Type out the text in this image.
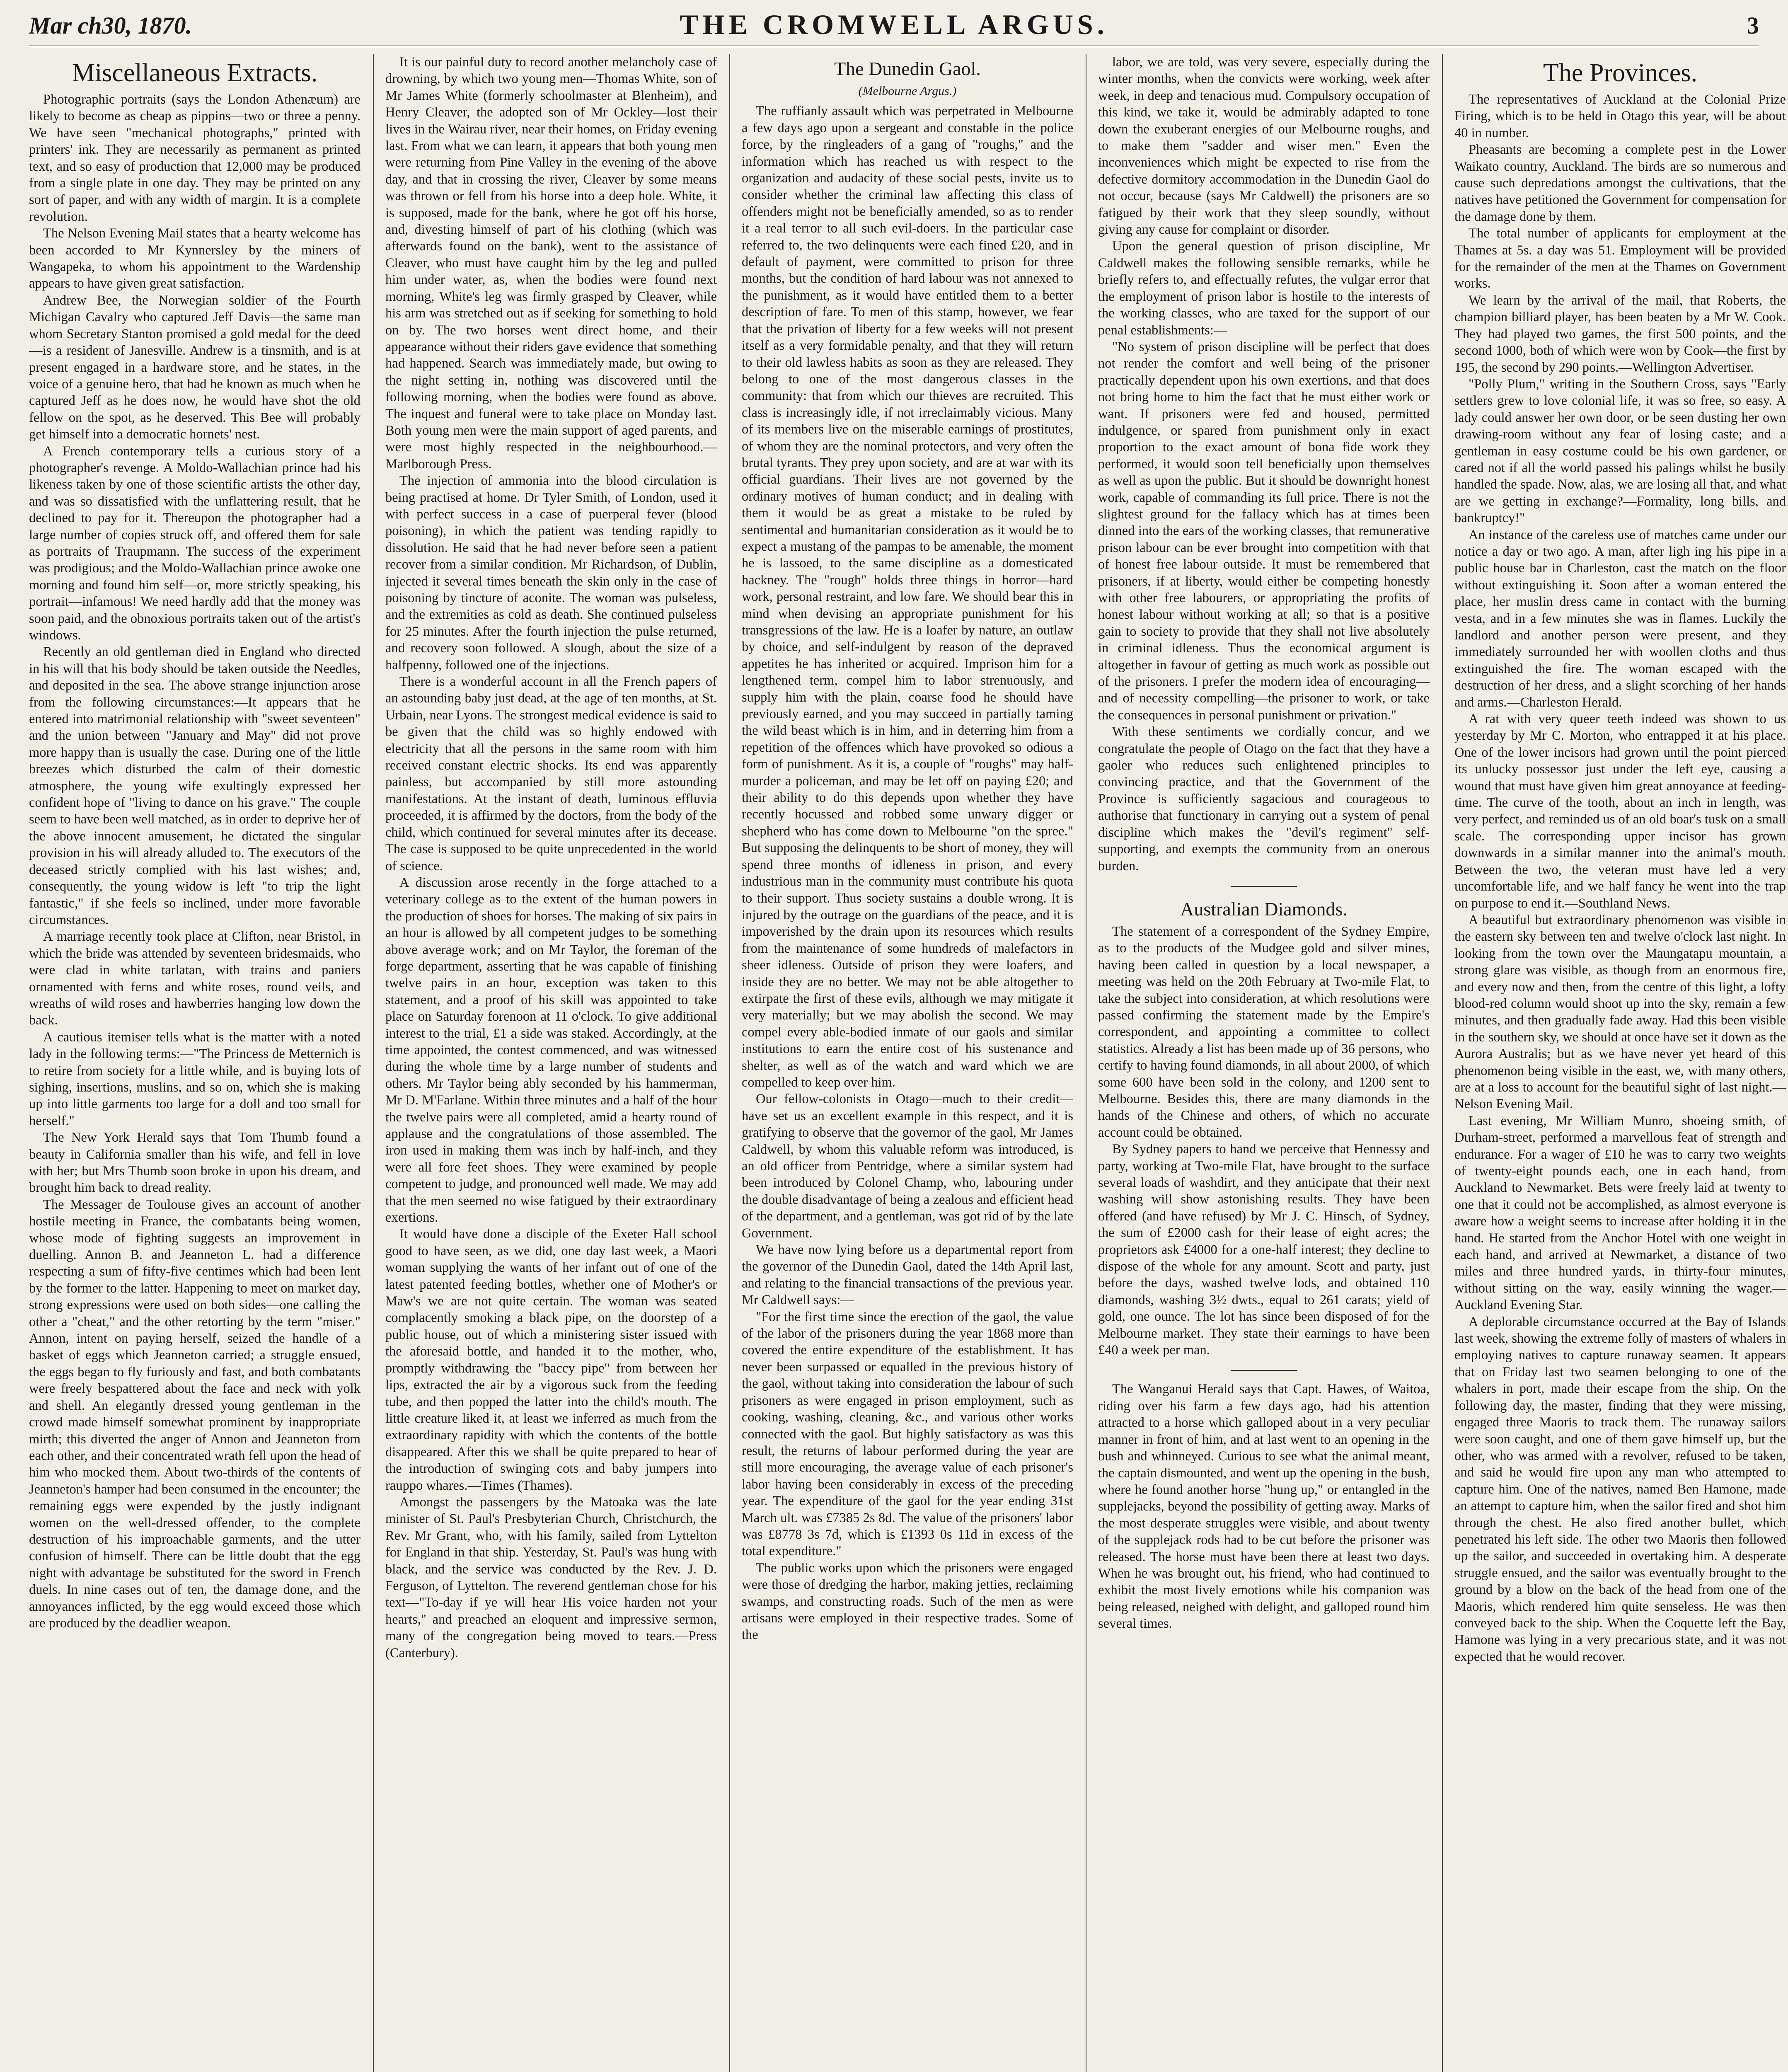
Mar ch30, 1870.	THE CROMWELL ARGUS.	3
Miscellaneous Extracts.

Photographic portraits (says the London Athenæum) are likely to become as cheap as pippins—two or three a penny. We have seen "mechanical photographs," printed with printers' ink. They are necessarily as permanent as printed text, and so easy of production that 12,000 may be produced from a single plate in one day. They may be printed on any sort of paper, and with any width of margin. It is a complete revolution.

The Nelson Evening Mail states that a hearty welcome has been accorded to Mr Kynnersley by the miners of Wangapeka, to whom his appointment to the Wardenship appears to have given great satisfaction.

Andrew Bee, the Norwegian soldier of the Fourth Michigan Cavalry who captured Jeff Davis—the same man whom Secretary Stanton promised a gold medal for the deed—is a resident of Janesville. Andrew is a tinsmith, and is at present engaged in a hardware store, and he states, in the voice of a genuine hero, that had he known as much when he captured Jeff as he does now, he would have shot the old fellow on the spot, as he deserved. This Bee will probably get himself into a democratic hornets' nest.

A French contemporary tells a curious story of a photographer's revenge. A Moldo-Wallachian prince had his likeness taken by one of those scientific artists the other day, and was so dissatisfied with the unflattering result, that he declined to pay for it. Thereupon the photographer had a large number of copies struck off, and offered them for sale as portraits of Traupmann. The success of the experiment was prodigious; and the Moldo-Wallachian prince awoke one morning and found him self—or, more strictly speaking, his portrait—infamous! We need hardly add that the money was soon paid, and the obnoxious portraits taken out of the artist's windows.

Recently an old gentleman died in England who directed in his will that his body should be taken outside the Needles, and deposited in the sea. The above strange injunction arose from the following circumstances:—It appears that he entered into matrimonial relationship with "sweet seventeen" and the union between "January and May" did not prove more happy than is usually the case. During one of the little breezes which disturbed the calm of their domestic atmosphere, the young wife exultingly expressed her confident hope of "living to dance on his grave." The couple seem to have been well matched, as in order to deprive her of the above innocent amusement, he dictated the singular provision in his will already alluded to. The executors of the deceased strictly complied with his last wishes; and, consequently, the young widow is left "to trip the light fantastic," if she feels so inclined, under more favorable circumstances.

A marriage recently took place at Clifton, near Bristol, in which the bride was attended by seventeen bridesmaids, who were clad in white tarlatan, with trains and paniers ornamented with ferns and white roses, round veils, and wreaths of wild roses and hawberries hanging low down the back.

A cautious itemiser tells what is the matter with a noted lady in the following terms:—"The Princess de Metternich is to retire from society for a little while, and is buying lots of sighing, insertions, muslins, and so on, which she is making up into little garments too large for a doll and too small for herself."

The New York Herald says that Tom Thumb found a beauty in California smaller than his wife, and fell in love with her; but Mrs Thumb soon broke in upon his dream, and brought him back to dread reality.

The Messager de Toulouse gives an account of another hostile meeting in France, the combatants being women, whose mode of fighting suggests an improvement in duelling. Annon B. and Jeanneton L. had a difference respecting a sum of fifty-five centimes which had been lent by the former to the latter. Happening to meet on market day, strong expressions were used on both sides—one calling the other a "cheat," and the other retorting by the term "miser." Annon, intent on paying herself, seized the handle of a basket of eggs which Jeanneton carried; a struggle ensued, the eggs began to fly furiously and fast, and both combatants were freely bespattered about the face and neck with yolk and shell. An elegantly dressed young gentleman in the crowd made himself somewhat prominent by inappropriate mirth; this diverted the anger of Annon and Jeanneton from each other, and their concentrated wrath fell upon the head of him who mocked them. About two-thirds of the contents of Jeanneton's hamper had been consumed in the encounter; the remaining eggs were expended by the justly indignant women on the well-dressed offender, to the complete destruction of his improachable garments, and the utter confusion of himself. There can be little doubt that the egg night with advantage be substituted for the sword in French duels. In nine cases out of ten, the damage done, and the annoyances inflicted, by the egg would exceed those which are produced by the deadlier weapon.

It is our painful duty to record another melancholy case of drowning, by which two young men—Thomas White, son of Mr James White (formerly schoolmaster at Blenheim), and Henry Cleaver, the adopted son of Mr Ockley—lost their lives in the Wairau river, near their homes, on Friday evening last. From what we can learn, it appears that both young men were returning from Pine Valley in the evening of the above day, and that in crossing the river, Cleaver by some means was thrown or fell from his horse into a deep hole. White, it is supposed, made for the bank, where he got off his horse, and, divesting himself of part of his clothing (which was afterwards found on the bank), went to the assistance of Cleaver, who must have caught him by the leg and pulled him under water, as, when the bodies were found next morning, White's leg was firmly grasped by Cleaver, while his arm was stretched out as if seeking for something to hold on by. The two horses went direct home, and their appearance without their riders gave evidence that something had happened. Search was immediately made, but owing to the night setting in, nothing was discovered until the following morning, when the bodies were found as above. The inquest and funeral were to take place on Monday last. Both young men were the main support of aged parents, and were most highly respected in the neighbourhood.—Marlborough Press.

The injection of ammonia into the blood circulation is being practised at home. Dr Tyler Smith, of London, used it with perfect success in a case of puerperal fever (blood poisoning), in which the patient was tending rapidly to dissolution. He said that he had never before seen a patient recover from a similar condition. Mr Richardson, of Dublin, injected it several times beneath the skin only in the case of poisoning by tincture of aconite. The woman was pulseless, and the extremities as cold as death. She continued pulseless for 25 minutes. After the fourth injection the pulse returned, and recovery soon followed. A slough, about the size of a halfpenny, followed one of the injections.

There is a wonderful account in all the French papers of an astounding baby just dead, at the age of ten months, at St. Urbain, near Lyons. The strongest medical evidence is said to be given that the child was so highly endowed with electricity that all the persons in the same room with him received constant electric shocks. Its end was apparently painless, but accompanied by still more astounding manifestations. At the instant of death, luminous effluvia proceeded, it is affirmed by the doctors, from the body of the child, which continued for several minutes after its decease. The case is supposed to be quite unprecedented in the world of science.

A discussion arose recently in the forge attached to a veterinary college as to the extent of the human powers in the production of shoes for horses. The making of six pairs in an hour is allowed by all competent judges to be something above average work; and on Mr Taylor, the foreman of the forge department, asserting that he was capable of finishing twelve pairs in an hour, exception was taken to this statement, and a proof of his skill was appointed to take place on Saturday forenoon at 11 o'clock. To give additional interest to the trial, £1 a side was staked. Accordingly, at the time appointed, the contest commenced, and was witnessed during the whole time by a large number of students and others. Mr Taylor being ably seconded by his hammerman, Mr D. M'Farlane. Within three minutes and a half of the hour the twelve pairs were all completed, amid a hearty round of applause and the congratulations of those assembled. The iron used in making them was inch by half-inch, and they were all fore feet shoes. They were examined by people competent to judge, and pronounced well made. We may add that the men seemed no wise fatigued by their extraordinary exertions.

It would have done a disciple of the Exeter Hall school good to have seen, as we did, one day last week, a Maori woman supplying the wants of her infant out of one of the latest patented feeding bottles, whether one of Mother's or Maw's we are not quite certain. The woman was seated complacently smoking a black pipe, on the doorstep of a public house, out of which a ministering sister issued with the aforesaid bottle, and handed it to the mother, who, promptly withdrawing the "baccy pipe" from between her lips, extracted the air by a vigorous suck from the feeding tube, and then popped the latter into the child's mouth. The little creature liked it, at least we inferred as much from the extraordinary rapidity with which the contents of the bottle disappeared. After this we shall be quite prepared to hear of the introduction of swinging cots and baby jumpers into rauppo whares.—Times (Thames).

Amongst the passengers by the Matoaka was the late minister of St. Paul's Presbyterian Church, Christchurch, the Rev. Mr Grant, who, with his family, sailed from Lyttelton for England in that ship. Yesterday, St. Paul's was hung with black, and the service was conducted by the Rev. J. D. Ferguson, of Lyttelton. The reverend gentleman chose for his text—"To-day if ye will hear His voice harden not your hearts," and preached an eloquent and impressive sermon, many of the congregation being moved to tears.—Press (Canterbury).

The Dunedin Gaol.
(Melbourne Argus.)

The ruffianly assault which was perpetrated in Melbourne a few days ago upon a sergeant and constable in the police force, by the ringleaders of a gang of "roughs," and the information which has reached us with respect to the organization and audacity of these social pests, invite us to consider whether the criminal law affecting this class of offenders might not be beneficially amended, so as to render it a real terror to all such evil-doers. In the particular case referred to, the two delinquents were each fined £20, and in default of payment, were committed to prison for three months, but the condition of hard labour was not annexed to the punishment, as it would have entitled them to a better description of fare. To men of this stamp, however, we fear that the privation of liberty for a few weeks will not present itself as a very formidable penalty, and that they will return to their old lawless habits as soon as they are released. They belong to one of the most dangerous classes in the community: that from which our thieves are recruited. This class is increasingly idle, if not irreclaimably vicious. Many of its members live on the miserable earnings of prostitutes, of whom they are the nominal protectors, and very often the brutal tyrants. They prey upon society, and are at war with its official guardians. Their lives are not governed by the ordinary motives of human conduct; and in dealing with them it would be as great a mistake to be ruled by sentimental and humanitarian consideration as it would be to expect a mustang of the pampas to be amenable, the moment he is lassoed, to the same discipline as a domesticated hackney. The "rough" holds three things in horror—hard work, personal restraint, and low fare. We should bear this in mind when devising an appropriate punishment for his transgressions of the law. He is a loafer by nature, an outlaw by choice, and self-indulgent by reason of the depraved appetites he has inherited or acquired. Imprison him for a lengthened term, compel him to labor strenuously, and supply him with the plain, coarse food he should have previously earned, and you may succeed in partially taming the wild beast which is in him, and in deterring him from a repetition of the offences which have provoked so odious a form of punishment. As it is, a couple of "roughs" may half-murder a policeman, and may be let off on paying £20; and their ability to do this depends upon whether they have recently hocussed and robbed some unwary digger or shepherd who has come down to Melbourne "on the spree." But supposing the delinquents to be short of money, they will spend three months of idleness in prison, and every industrious man in the community must contribute his quota to their support. Thus society sustains a double wrong. It is injured by the outrage on the guardians of the peace, and it is impoverished by the drain upon its resources which results from the maintenance of some hundreds of malefactors in sheer idleness. Outside of prison they were loafers, and inside they are no better. We may not be able altogether to extirpate the first of these evils, although we may mitigate it very materially; but we may abolish the second. We may compel every able-bodied inmate of our gaols and similar institutions to earn the entire cost of his sustenance and shelter, as well as of the watch and ward which we are compelled to keep over him.

Our fellow-colonists in Otago—much to their credit—have set us an excellent example in this respect, and it is gratifying to observe that the governor of the gaol, Mr James Caldwell, by whom this valuable reform was introduced, is an old officer from Pentridge, where a similar system had been introduced by Colonel Champ, who, labouring under the double disadvantage of being a zealous and efficient head of the department, and a gentleman, was got rid of by the late Government.

We have now lying before us a departmental report from the governor of the Dunedin Gaol, dated the 14th April last, and relating to the financial transactions of the previous year. Mr Caldwell says:—

"For the first time since the erection of the gaol, the value of the labor of the prisoners during the year 1868 more than covered the entire expenditure of the establishment. It has never been surpassed or equalled in the previous history of the gaol, without taking into consideration the labour of such prisoners as were engaged in prison employment, such as cooking, washing, cleaning, &c., and various other works connected with the gaol. But highly satisfactory as was this result, the returns of labour performed during the year are still more encouraging, the average value of each prisoner's labor having been considerably in excess of the preceding year. The expenditure of the gaol for the year ending 31st March ult. was £7385 2s 8d. The value of the prisoners' labor was £8778 3s 7d, which is £1393 0s 11d in excess of the total expenditure."

The public works upon which the prisoners were engaged were those of dredging the harbor, making jetties, reclaiming swamps, and constructing roads. Such of the men as were artisans were employed in their respective trades. Some of the

labor, we are told, was very severe, especially during the winter months, when the convicts were working, week after week, in deep and tenacious mud. Compulsory occupation of this kind, we take it, would be admirably adapted to tone down the exuberant energies of our Melbourne roughs, and to make them "sadder and wiser men." Even the inconveniences which might be expected to rise from the defective dormitory accommodation in the Dunedin Gaol do not occur, because (says Mr Caldwell) the prisoners are so fatigued by their work that they sleep soundly, without giving any cause for complaint or disorder.

Upon the general question of prison discipline, Mr Caldwell makes the following sensible remarks, while he briefly refers to, and effectually refutes, the vulgar error that the employment of prison labor is hostile to the interests of the working classes, who are taxed for the support of our penal establishments:—

"No system of prison discipline will be perfect that does not render the comfort and well being of the prisoner practically dependent upon his own exertions, and that does not bring home to him the fact that he must either work or want. If prisoners were fed and housed, permitted indulgence, or spared from punishment only in exact proportion to the exact amount of bona fide work they performed, it would soon tell beneficially upon themselves as well as upon the public. But it should be downright honest work, capable of commanding its full price. There is not the slightest ground for the fallacy which has at times been dinned into the ears of the working classes, that remunerative prison labour can be ever brought into competition with that of honest free labour outside. It must be remembered that prisoners, if at liberty, would either be competing honestly with other free labourers, or appropriating the profits of honest labour without working at all; so that is a positive gain to society to provide that they shall not live absolutely in criminal idleness. Thus the economical argument is altogether in favour of getting as much work as possible out of the prisoners. I prefer the modern idea of encouraging—and of necessity compelling—the prisoner to work, or take the consequences in personal punishment or privation."

With these sentiments we cordially concur, and we congratulate the people of Otago on the fact that they have a gaoler who reduces such enlightened principles to convincing practice, and that the Government of the Province is sufficiently sagacious and courageous to authorise that functionary in carrying out a system of penal discipline which makes the "devil's regiment" self-supporting, and exempts the community from an onerous burden.

Australian Diamonds.

The statement of a correspondent of the Sydney Empire, as to the products of the Mudgee gold and silver mines, having been called in question by a local newspaper, a meeting was held on the 20th February at Two-mile Flat, to take the subject into consideration, at which resolutions were passed confirming the statement made by the Empire's correspondent, and appointing a committee to collect statistics. Already a list has been made up of 36 persons, who certify to having found diamonds, in all about 2000, of which some 600 have been sold in the colony, and 1200 sent to Melbourne. Besides this, there are many diamonds in the hands of the Chinese and others, of which no accurate account could be obtained.

By Sydney papers to hand we perceive that Hennessy and party, working at Two-mile Flat, have brought to the surface several loads of washdirt, and they anticipate that their next washing will show astonishing results. They have been offered (and have refused) by Mr J. C. Hinsch, of Sydney, the sum of £2000 cash for their lease of eight acres; the proprietors ask £4000 for a one-half interest; they decline to dispose of the whole for any amount. Scott and party, just before the days, washed twelve lods, and obtained 110 diamonds, washing 3½ dwts., equal to 261 carats; yield of gold, one ounce. The lot has since been disposed of for the Melbourne market. They state their earnings to have been £40 a week per man.

The Wanganui Herald says that Capt. Hawes, of Waitoa, riding over his farm a few days ago, had his attention attracted to a horse which galloped about in a very peculiar manner in front of him, and at last went to an opening in the bush and whinneyed. Curious to see what the animal meant, the captain dismounted, and went up the opening in the bush, where he found another horse "hung up," or entangled in the supplejacks, beyond the possibility of getting away. Marks of the most desperate struggles were visible, and about twenty of the supplejack rods had to be cut before the prisoner was released. The horse must have been there at least two days. When he was brought out, his friend, who had continued to exhibit the most lively emotions while his companion was being released, neighed with delight, and galloped round him several times.

The Provinces.

The representatives of Auckland at the Colonial Prize Firing, which is to be held in Otago this year, will be about 40 in number.

Pheasants are becoming a complete pest in the Lower Waikato country, Auckland. The birds are so numerous and cause such depredations amongst the cultivations, that the natives have petitioned the Government for compensation for the damage done by them.

The total number of applicants for employment at the Thames at 5s. a day was 51. Employment will be provided for the remainder of the men at the Thames on Government works.

We learn by the arrival of the mail, that Roberts, the champion billiard player, has been beaten by a Mr W. Cook. They had played two games, the first 500 points, and the second 1000, both of which were won by Cook—the first by 195, the second by 290 points.—Wellington Advertiser.

"Polly Plum," writing in the Southern Cross, says "Early settlers grew to love colonial life, it was so free, so easy. A lady could answer her own door, or be seen dusting her own drawing-room without any fear of losing caste; and a gentleman in easy costume could be his own gardener, or cared not if all the world passed his palings whilst he busily handled the spade. Now, alas, we are losing all that, and what are we getting in exchange?—Formality, long bills, and bankruptcy!"

An instance of the careless use of matches came under our notice a day or two ago. A man, after ligh ing his pipe in a public house bar in Charleston, cast the match on the floor without extinguishing it. Soon after a woman entered the place, her muslin dress came in contact with the burning vesta, and in a few minutes she was in flames. Luckily the landlord and another person were present, and they immediately surrounded her with woollen cloths and thus extinguished the fire. The woman escaped with the destruction of her dress, and a slight scorching of her hands and arms.—Charleston Herald.

A rat with very queer teeth indeed was shown to us yesterday by Mr C. Morton, who entrapped it at his place. One of the lower incisors had grown until the point pierced its unlucky possessor just under the left eye, causing a wound that must have given him great annoyance at feeding-time. The curve of the tooth, about an inch in length, was very perfect, and reminded us of an old boar's tusk on a small scale. The corresponding upper incisor has grown downwards in a similar manner into the animal's mouth. Between the two, the veteran must have led a very uncomfortable life, and we half fancy he went into the trap on purpose to end it.—Southland News.

A beautiful but extraordinary phenomenon was visible in the eastern sky between ten and twelve o'clock last night. In looking from the town over the Maungatapu mountain, a strong glare was visible, as though from an enormous fire, and every now and then, from the centre of this light, a lofty blood-red column would shoot up into the sky, remain a few minutes, and then gradually fade away. Had this been visible in the southern sky, we should at once have set it down as the Aurora Australis; but as we have never yet heard of this phenomenon being visible in the east, we, with many others, are at a loss to account for the beautiful sight of last night.—Nelson Evening Mail.

Last evening, Mr William Munro, shoeing smith, of Durham-street, performed a marvellous feat of strength and endurance. For a wager of £10 he was to carry two weights of twenty-eight pounds each, one in each hand, from Auckland to Newmarket. Bets were freely laid at twenty to one that it could not be accomplished, as almost everyone is aware how a weight seems to increase after holding it in the hand. He started from the Anchor Hotel with one weight in each hand, and arrived at Newmarket, a distance of two miles and three hundred yards, in thirty-four minutes, without sitting on the way, easily winning the wager.—Auckland Evening Star.

A deplorable circumstance occurred at the Bay of Islands last week, showing the extreme folly of masters of whalers in employing natives to capture runaway seamen. It appears that on Friday last two seamen belonging to one of the whalers in port, made their escape from the ship. On the following day, the master, finding that they were missing, engaged three Maoris to track them. The runaway sailors were soon caught, and one of them gave himself up, but the other, who was armed with a revolver, refused to be taken, and said he would fire upon any man who attempted to capture him. One of the natives, named Ben Hamone, made an attempt to capture him, when the sailor fired and shot him through the chest. He also fired another bullet, which penetrated his left side. The other two Maoris then followed up the sailor, and succeeded in overtaking him. A desperate struggle ensued, and the sailor was eventually brought to the ground by a blow on the back of the head from one of the Maoris, which rendered him quite senseless. He was then conveyed back to the ship. When the Coquette left the Bay, Hamone was lying in a very precarious state, and it was not expected that he would recover.
